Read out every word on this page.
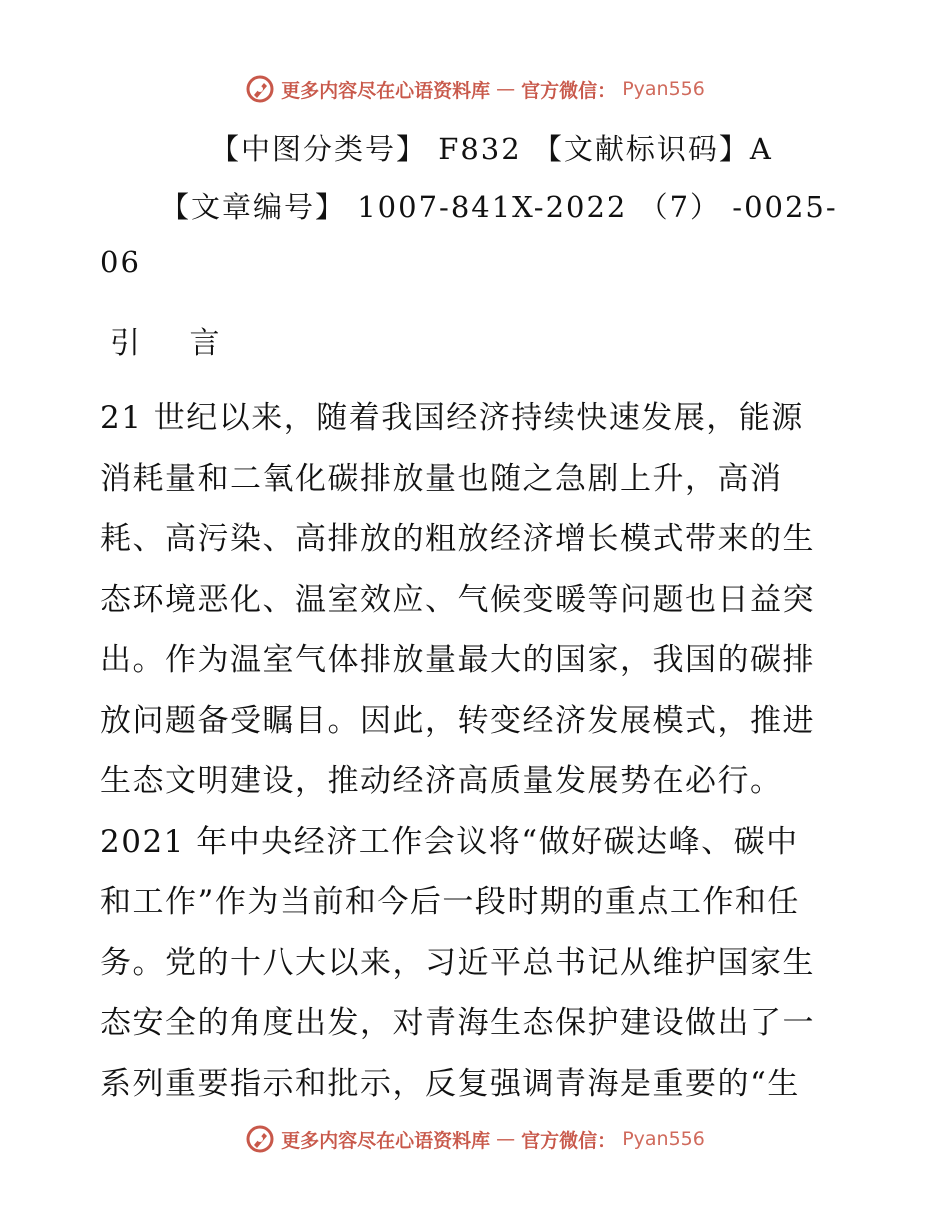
更多内容尽在心语资料库 — 官方微信： Pyan556
【中图分类号】 F832 【文献标识码】A
【文章编号】 1007-841X-2022 （7） -0025-
06
引 言
21 世纪以来，随着我国经济持续快速发展，能源
消耗量和二氧化碳排放量也随之急剧上升，高消
耗、高污染、高排放的粗放经济增长模式带来的生
态环境恶化、温室效应、气候变暖等问题也日益突
出。作为温室气体排放量最大的国家，我国的碳排
放问题备受瞩目。因此，转变经济发展模式，推进
生态文明建设，推动经济高质量发展势在必行。
2021 年中央经济工作会议将“做好碳达峰、碳中
和工作”作为当前和今后一段时期的重点工作和任
务。党的十八大以来，习近平总书记从维护国家生
态安全的角度出发，对青海生态保护建设做出了一
系列重要指示和批示，反复强调青海是重要的“生
更多内容尽在心语资料库 — 官方微信： Pyan556
